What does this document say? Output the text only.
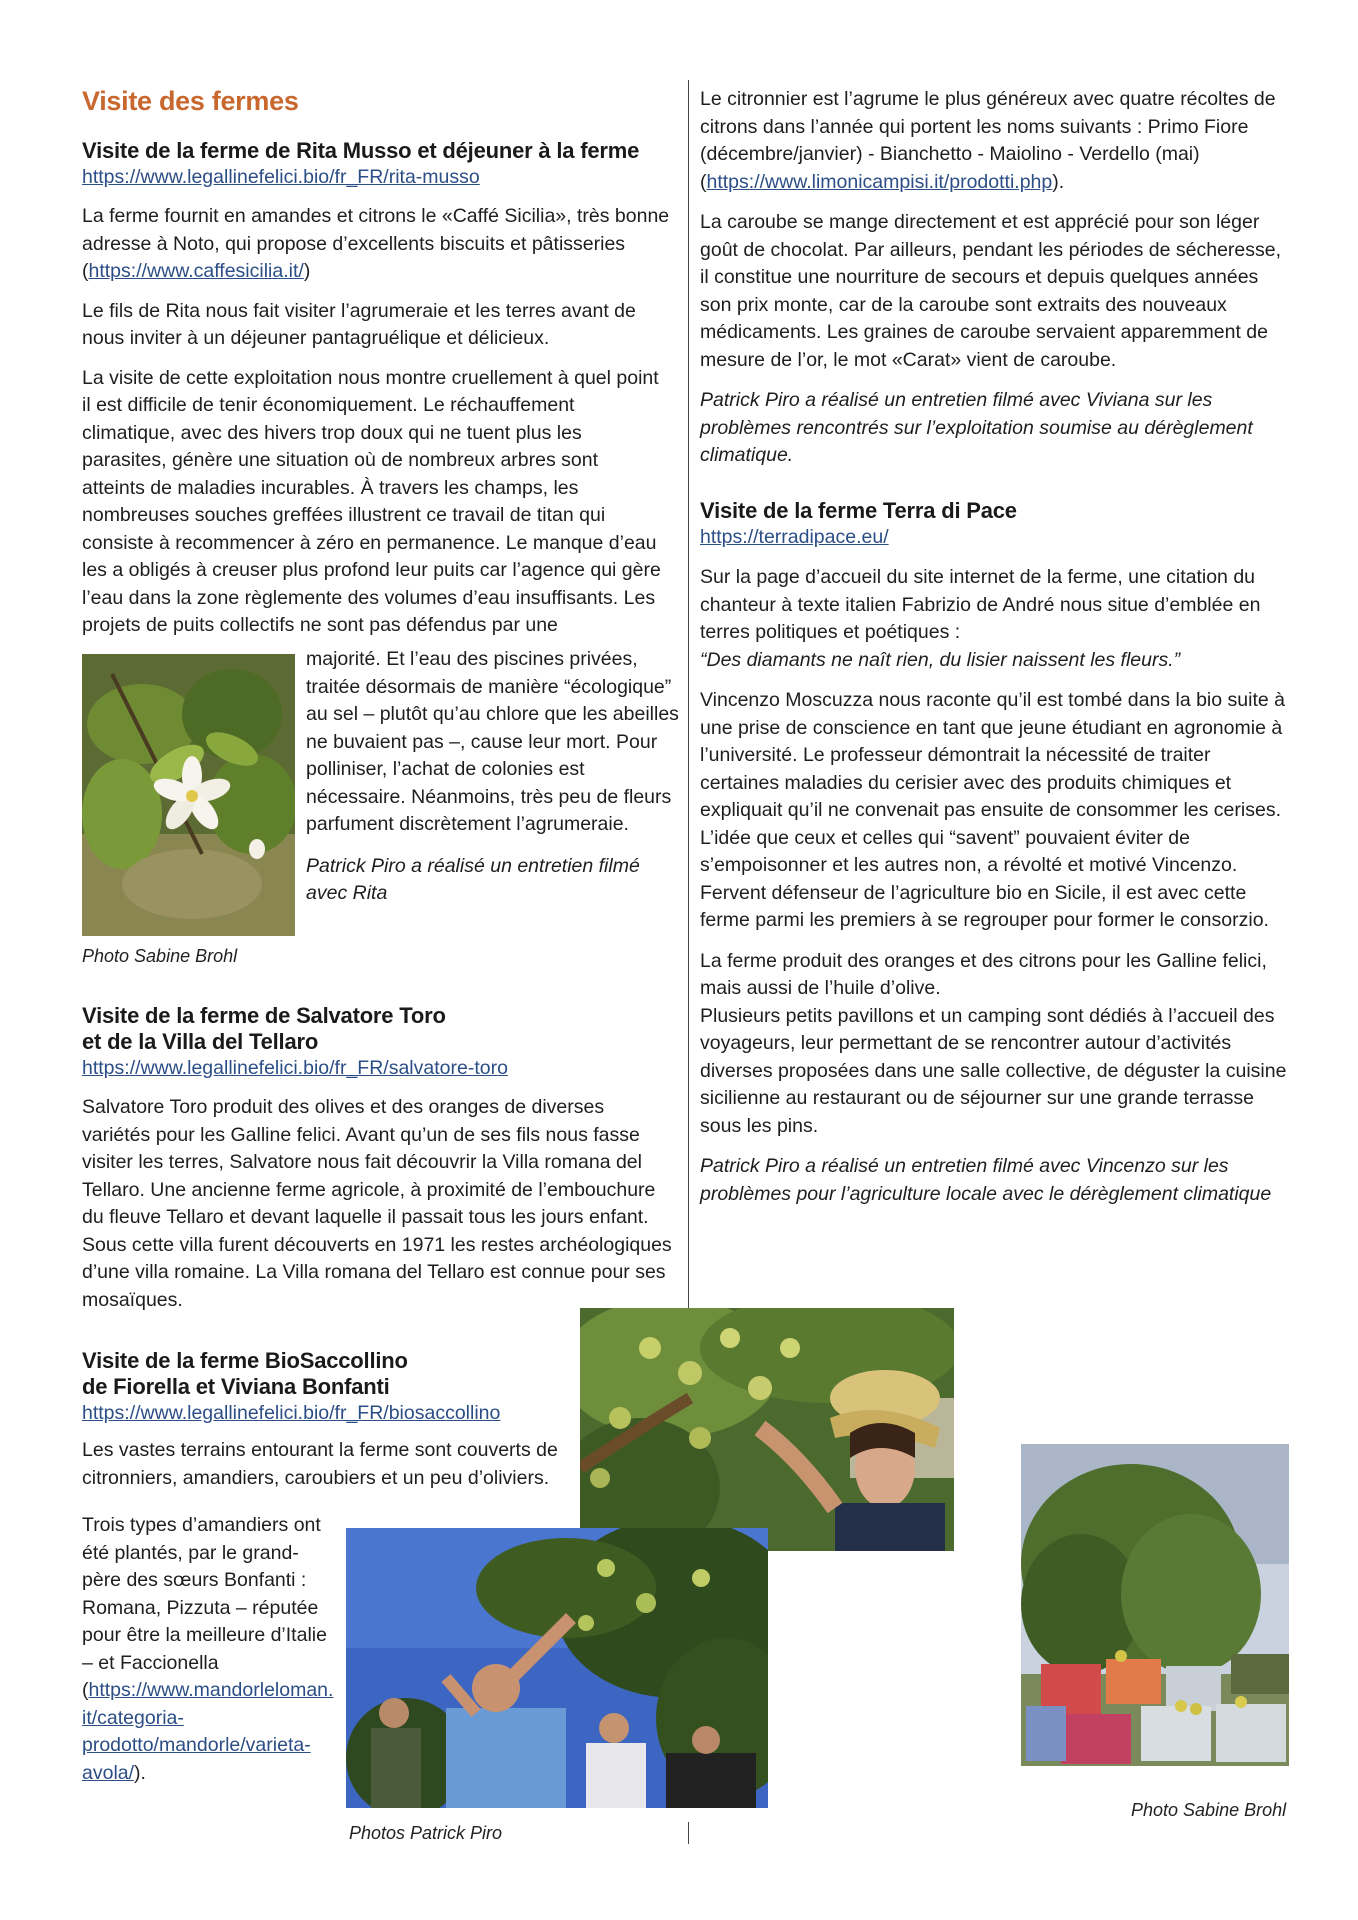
Visite des fermes
Visite de la ferme de Rita Musso et déjeuner à la ferme
https://www.legallinefelici.bio/fr_FR/rita-musso

La ferme fournit en amandes et citrons le «Caffé Sicilia», très bonne adresse à Noto, qui propose d’excellents biscuits et pâtisseries (https://www.caffesicilia.it/)

Le fils de Rita nous fait visiter l’agrumeraie et les terres avant de nous inviter à un déjeuner pantagruélique et délicieux.

La visite de cette exploitation nous montre cruellement à quel point il est difficile de tenir économiquement. Le réchauffement climatique, avec des hivers trop doux qui ne tuent plus les parasites, génère une situation où de nombreux arbres sont atteints de maladies incurables. À travers les champs, les nombreuses souches greffées illustrent ce travail de titan qui consiste à recommencer à zéro en permanence. Le manque d’eau les a obligés à creuser plus profond leur puits car l’agence qui gère l’eau dans la zone règlemente des volumes d’eau insuffisants. Les projets de puits collectifs ne sont pas défendus par une

majorité. Et l’eau des piscines privées, traitée désormais de manière “écologique” au sel – plutôt qu’au chlore que les abeilles ne buvaient pas –, cause leur mort. Pour polliniser, l’achat de colonies est nécessaire. Néanmoins, très peu de fleurs parfument discrètement l’agrumeraie.

Patrick Piro a réalisé un entretien filmé avec Rita

Photo Sabine Brohl
Visite de la ferme de Salvatore Toro
et de la Villa del Tellaro
https://www.legallinefelici.bio/fr_FR/salvatore-toro

Salvatore Toro produit des olives et des oranges de diverses variétés pour les Galline felici. Avant qu’un de ses fils nous fasse visiter les terres, Salvatore nous fait découvrir la Villa romana del Tellaro. Une ancienne ferme agricole, à proximité de l’embouchure du fleuve Tellaro et devant laquelle il passait tous les jours enfant. Sous cette villa furent découverts en 1971 les restes archéologiques d’une villa romaine. La Villa romana del Tellaro est connue pour ses mosaïques.

Visite de la ferme BioSaccollino
de Fiorella et Viviana Bonfanti
https://www.legallinefelici.bio/fr_FR/biosaccollino

Les vastes terrains entourant la ferme sont couverts de citronniers, amandiers, caroubiers et un peu d’oliviers.

Trois types d’amandiers ont été plantés, par le grand-père des sœurs Bonfanti : Romana, Pizzuta – réputée pour être la meilleure d’Italie – et Faccionella (https://www.mandorleloman.it/categoria-prodotto/mandorle/varieta-avola/).

Photos Patrick Piro

Le citronnier est l’agrume le plus généreux avec quatre récoltes de citrons dans l’année qui portent les noms suivants : Primo Fiore (décembre/janvier) - Bianchetto - Maiolino - Verdello (mai) (https://www.limonicampisi.it/prodotti.php).

La caroube se mange directement et est apprécié pour son léger goût de chocolat. Par ailleurs, pendant les périodes de sécheresse, il constitue une nourriture de secours et depuis quelques années son prix monte, car de la caroube sont extraits des nouveaux médicaments. Les graines de caroube servaient apparemment de mesure de l’or, le mot «Carat» vient de caroube.

Patrick Piro a réalisé un entretien filmé avec Viviana sur les problèmes rencontrés sur l’exploitation soumise au dérèglement climatique.

Visite de la ferme Terra di Pace
https://terradipace.eu/

Sur la page d’accueil du site internet de la ferme, une citation du chanteur à texte italien Fabrizio de André nous situe d’emblée en terres politiques et poétiques :

“Des diamants ne naît rien, du lisier naissent les fleurs.”

Vincenzo Moscuzza nous raconte qu’il est tombé dans la bio suite à une prise de conscience en tant que jeune étudiant en agronomie à l’université. Le professeur démontrait la nécessité de traiter certaines maladies du cerisier avec des produits chimiques et expliquait qu’il ne convenait pas ensuite de consommer les cerises.

L’idée que ceux et celles qui “savent” pouvaient éviter de s’empoisonner et les autres non, a révolté et motivé Vincenzo. Fervent défenseur de l’agriculture bio en Sicile, il est avec cette ferme parmi les premiers à se regrouper pour former le consorzio.

La ferme produit des oranges et des citrons pour les Galline felici, mais aussi de l’huile d’olive.

Plusieurs petits pavillons et un camping sont dédiés à l’accueil des voyageurs, leur permettant de se rencontrer autour d’activités diverses proposées dans une salle collective, de déguster la cuisine sicilienne au restaurant ou de séjourner sur une grande terrasse sous les pins.

Patrick Piro a réalisé un entretien filmé avec Vincenzo sur les problèmes pour l’agriculture locale avec le dérèglement climatique

Photo Sabine Brohl
